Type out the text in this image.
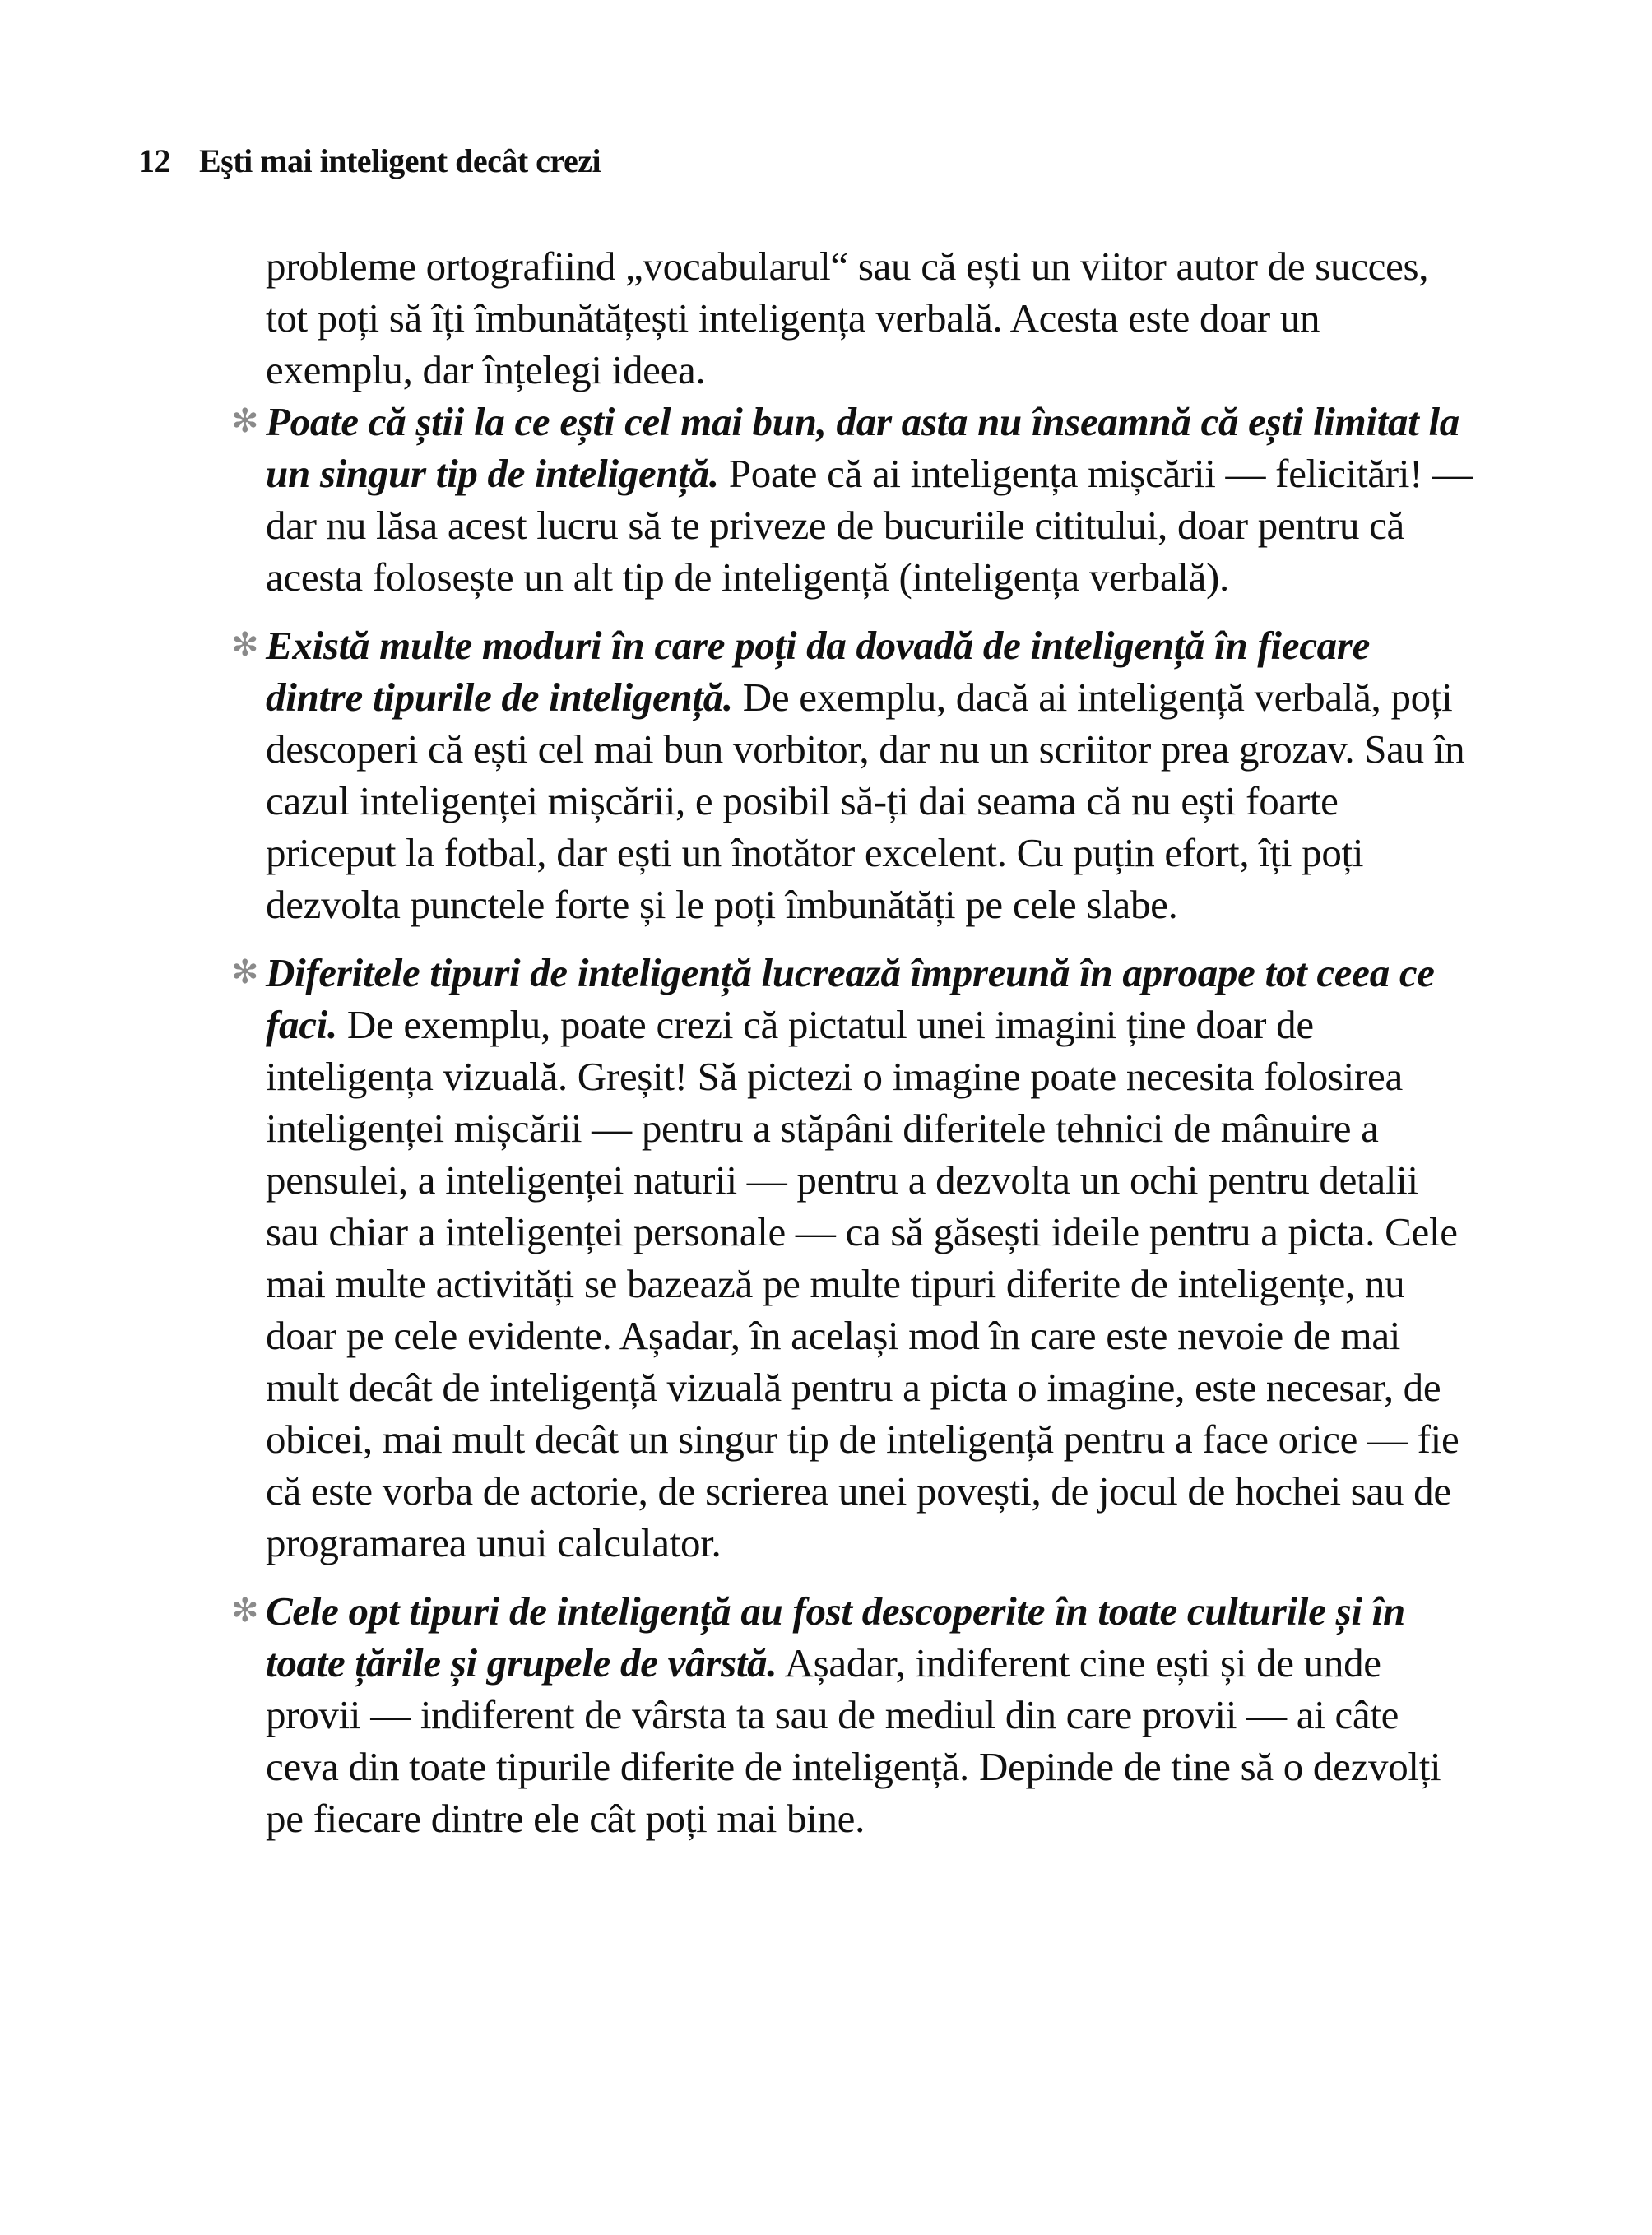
12 Eşti mai inteligent decât crezi

probleme ortografiind „vocabularul“ sau că ești un viitor autor de succes, tot poți să îți îmbunătățești inteligența verbală. Acesta este doar un exemplu, dar înțelegi ideea.

✻ Poate că știi la ce ești cel mai bun, dar asta nu înseamnă că ești limitat la un singur tip de inteligență. Poate că ai inteligența mișcării — felicitări! — dar nu lăsa acest lucru să te priveze de bucuriile cititului, doar pentru că acesta folosește un alt tip de inteligență (inteligența verbală).

✻ Există multe moduri în care poți da dovadă de inteligență în fiecare dintre tipurile de inteligență. De exemplu, dacă ai inteligență verbală, poți descoperi că ești cel mai bun vorbitor, dar nu un scriitor prea grozav. Sau în cazul inteligenței mișcării, e posibil să-ți dai seama că nu ești foarte priceput la fotbal, dar ești un înotător excelent. Cu puțin efort, îți poți dezvolta punctele forte și le poți îmbunătăți pe cele slabe.

✻ Diferitele tipuri de inteligență lucrează împreună în aproape tot ceea ce faci. De exemplu, poate crezi că pictatul unei imagini ține doar de inteligența vizuală. Greșit! Să pictezi o imagine poate necesita folosirea inteligenței mișcării — pentru a stăpâni diferitele tehnici de mânuire a pensulei, a inteligenței naturii — pentru a dezvolta un ochi pentru detalii sau chiar a inteligenței personale — ca să găsești ideile pentru a picta. Cele mai multe activități se bazează pe multe tipuri diferite de inteligențe, nu doar pe cele evidente. Așadar, în același mod în care este nevoie de mai mult decât de inteligență vizuală pentru a picta o imagine, este necesar, de obicei, mai mult decât un singur tip de inteligență pentru a face orice — fie că este vorba de actorie, de scrierea unei povești, de jocul de hochei sau de programarea unui calculator.

✻ Cele opt tipuri de inteligență au fost descoperite în toate culturile și în toate țările și grupele de vârstă. Așadar, indiferent cine ești și de unde provii — indiferent de vârsta ta sau de mediul din care provii — ai câte ceva din toate tipurile diferite de inteligență. Depinde de tine să o dezvolți pe fiecare dintre ele cât poți mai bine.
